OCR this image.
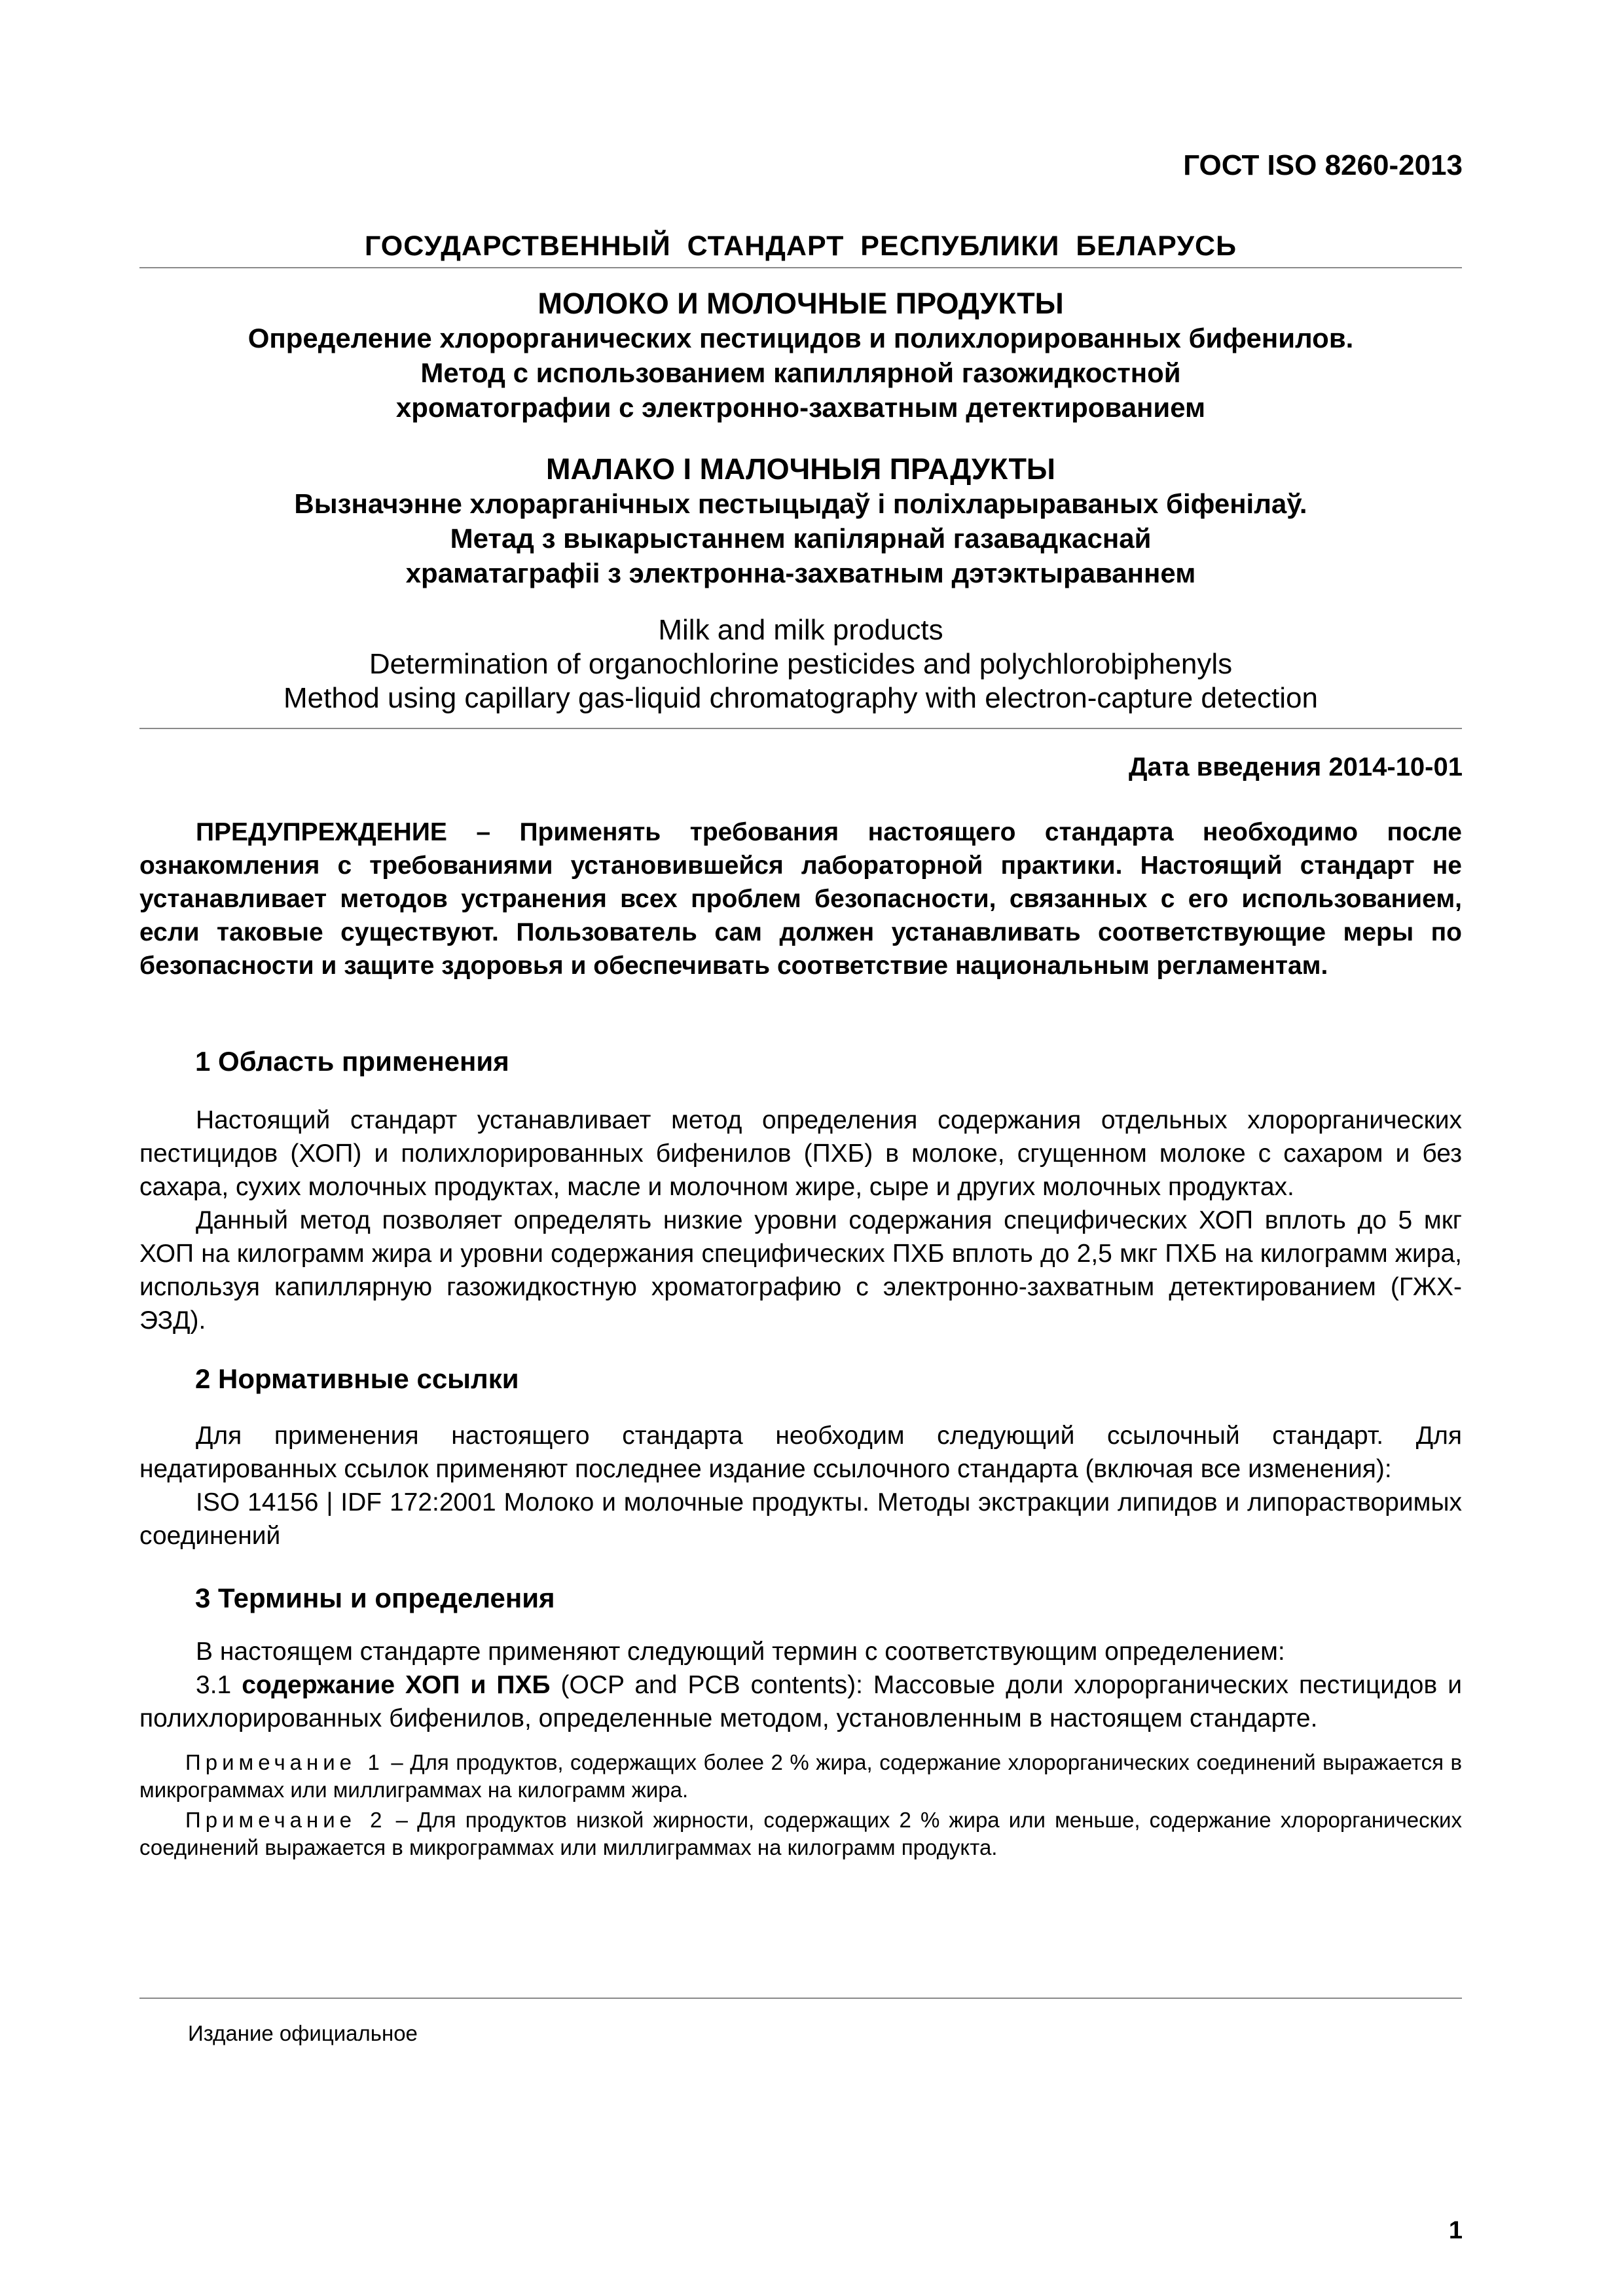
ГОСТ ISO 8260-2013
ГОСУДАРСТВЕННЫЙ СТАНДАРТ РЕСПУБЛИКИ БЕЛАРУСЬ
МОЛОКО И МОЛОЧНЫЕ ПРОДУКТЫ
Определение хлорорганических пестицидов и полихлорированных бифенилов.
Метод с использованием капиллярной газожидкостной
хроматографии с электронно-захватным детектированием
МАЛАКО І МАЛОЧНЫЯ ПРАДУКТЫ
Вызначэнне хлорарганічных пестыцыдаў і поліхларыраваных біфенілаў.
Метад з выкарыстаннем капілярнай газавадкаснай
храматаграфіі з электронна-захватным дэтэктыраваннем
Milk and milk products
Determination of organochlorine pesticides and polychlorobiphenyls
Method using capillary gas-liquid chromatography with electron-capture detection
Дата введения 2014-10-01

ПРЕДУПРЕЖДЕНИЕ – Применять требования настоящего стандарта необходимо после ознакомления с требованиями установившейся лабораторной практики. Настоящий стандарт не устанавливает методов устранения всех проблем безопасности, связанных с его использованием, если таковые существуют. Пользователь сам должен устанавливать соответствующие меры по безопасности и защите здоровья и обеспечивать соответствие национальным регламентам.

1 Область применения

Настоящий стандарт устанавливает метод определения содержания отдельных хлорорганических пестицидов (ХОП) и полихлорированных бифенилов (ПХБ) в молоке, сгущенном молоке с сахаром и без сахара, сухих молочных продуктах, масле и молочном жире, сыре и других молочных продуктах.

Данный метод позволяет определять низкие уровни содержания специфических ХОП вплоть до 5 мкг ХОП на килограмм жира и уровни содержания специфических ПХБ вплоть до 2,5 мкг ПХБ на килограмм жира, используя капиллярную газожидкостную хроматографию с электронно-захватным детектированием (ГЖХ-ЭЗД).

2 Нормативные ссылки

Для применения настоящего стандарта необходим следующий ссылочный стандарт. Для недатированных ссылок применяют последнее издание ссылочного стандарта (включая все изменения):

ISO 14156 | IDF 172:2001 Молоко и молочные продукты. Методы экстракции липидов и липорастворимых соединений

3 Термины и определения

В настоящем стандарте применяют следующий термин с соответствующим определением:

3.1 содержание ХОП и ПХБ (OCP and PCB contents): Массовые доли хлорорганических пестицидов и полихлорированных бифенилов, определенные методом, установленным в настоящем стандарте.

Примечание 1 – Для продуктов, содержащих более 2 % жира, содержание хлорорганических соединений выражается в микрограммах или миллиграммах на килограмм жира.

Примечание 2 – Для продуктов низкой жирности, содержащих 2 % жира или меньше, содержание хлорорганических соединений выражается в микрограммах или миллиграммах на килограмм продукта.

Издание официальное
1
